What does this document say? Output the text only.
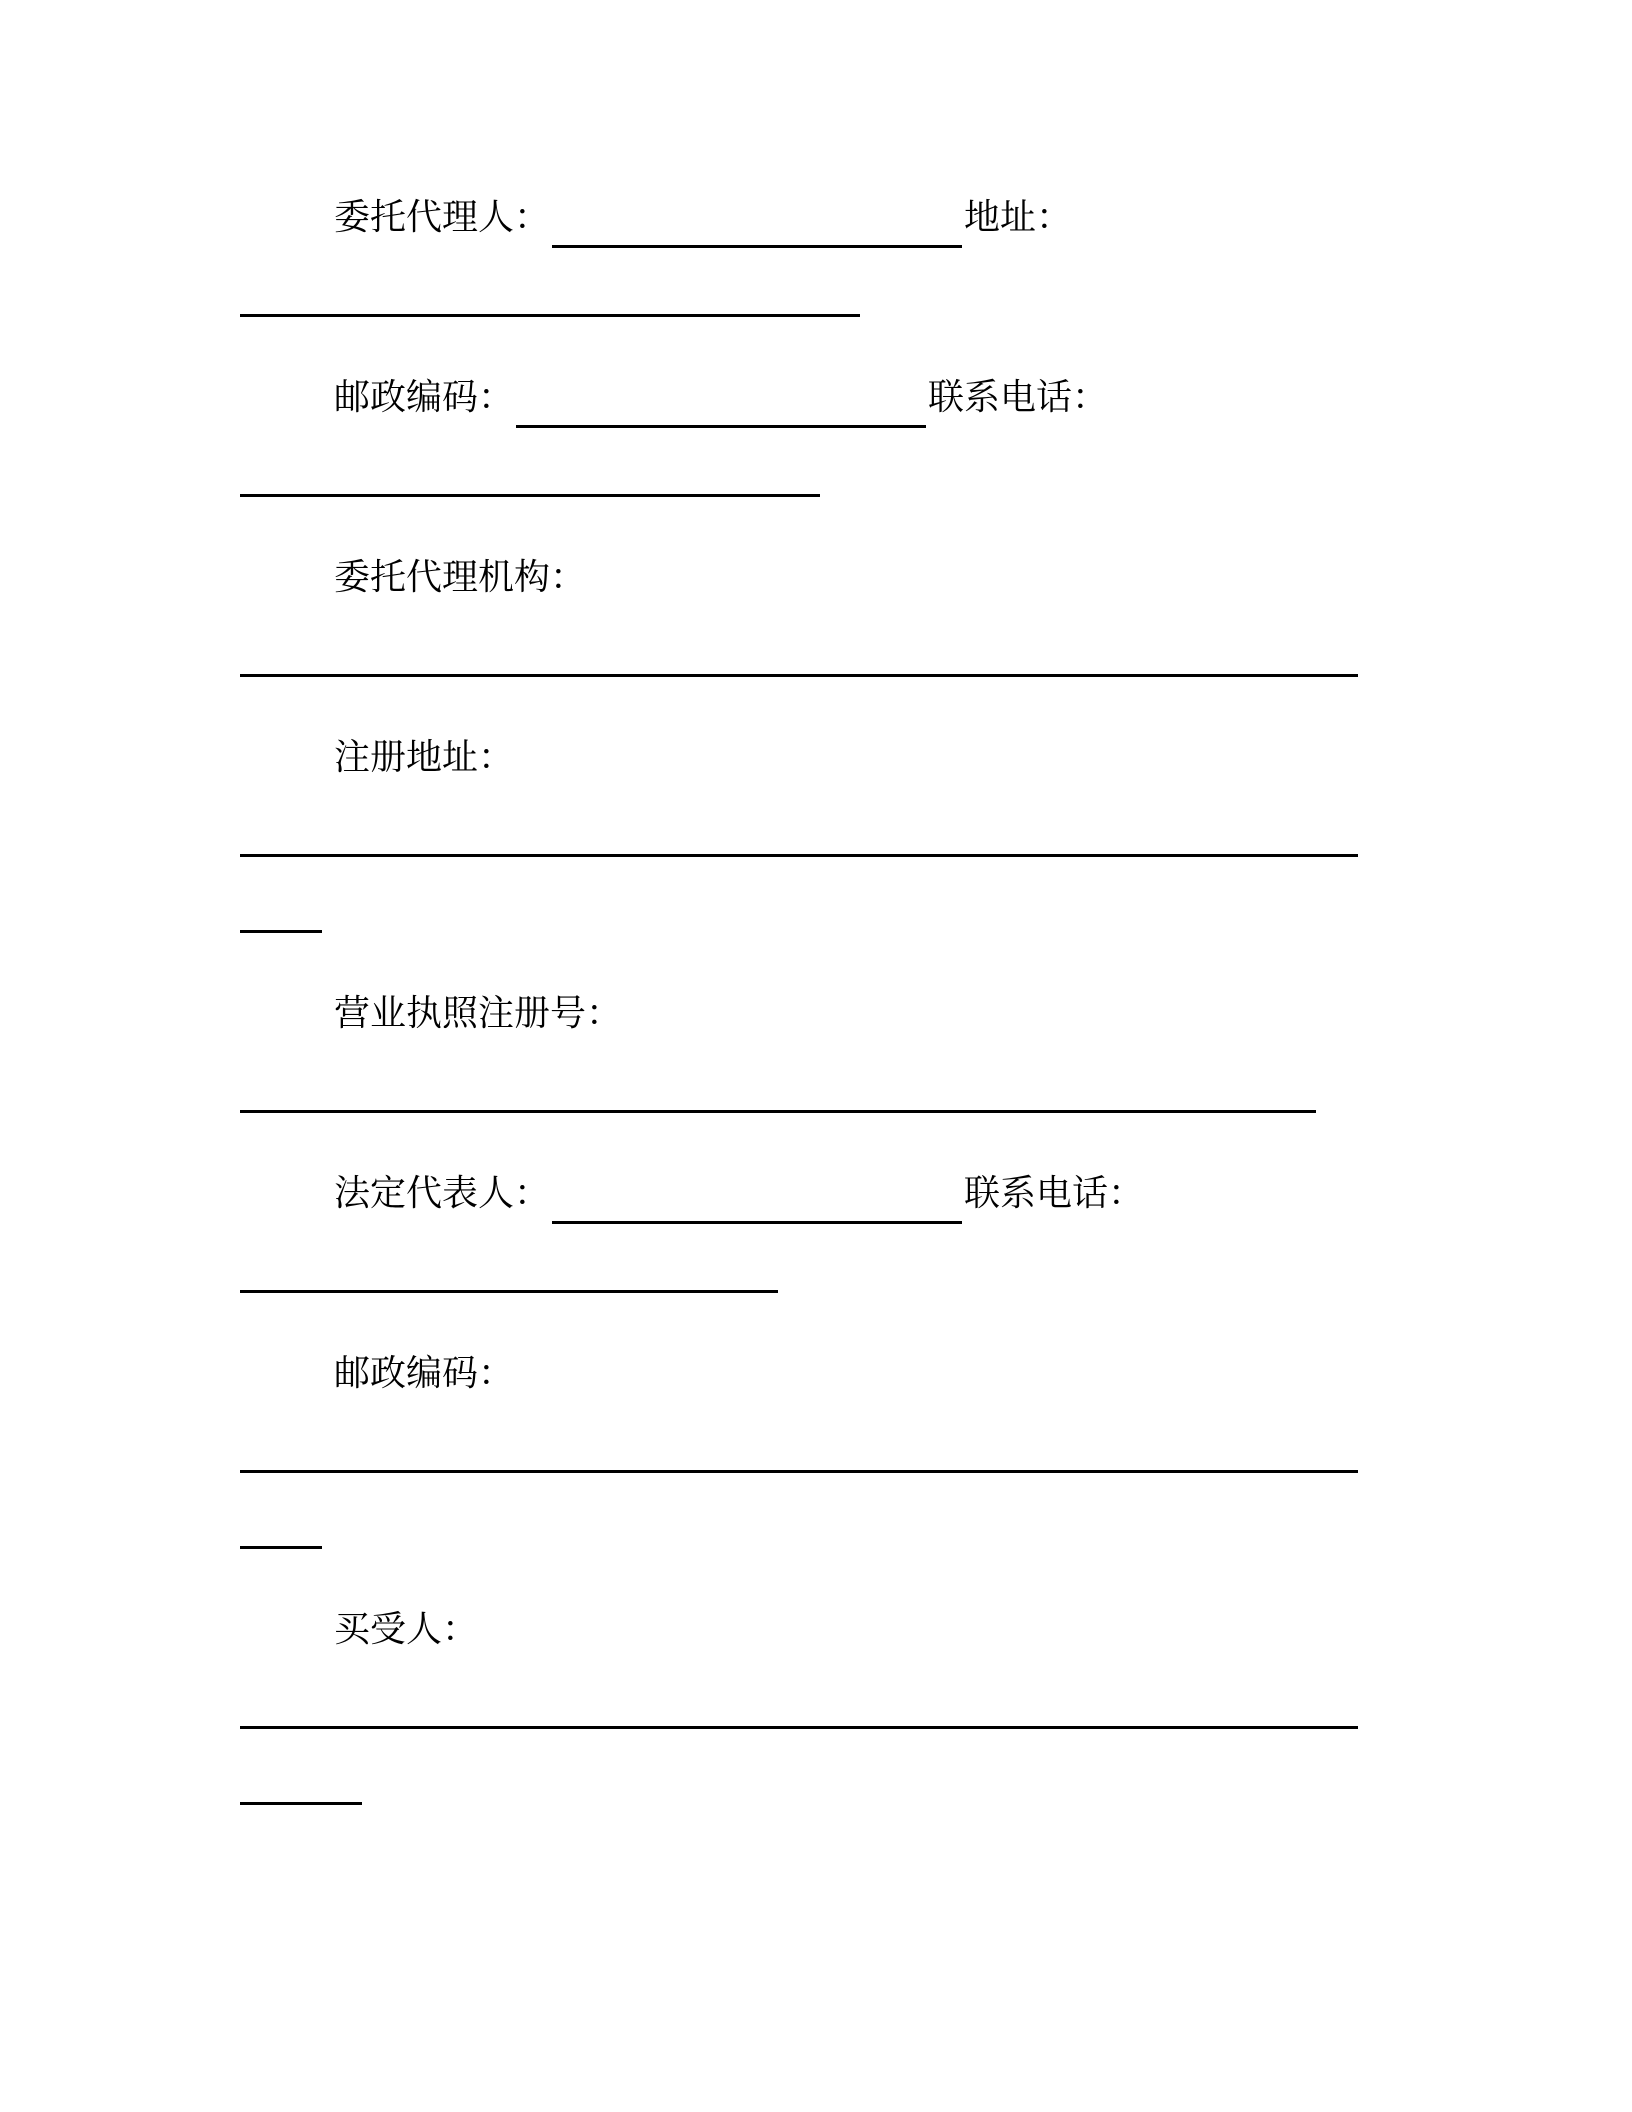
委托代理人：	地址：
邮政编码：	联系电话：
委托代理机构：
注册地址：
营业执照注册号：
法定代表人：	联系电话：
邮政编码：
买受人：
